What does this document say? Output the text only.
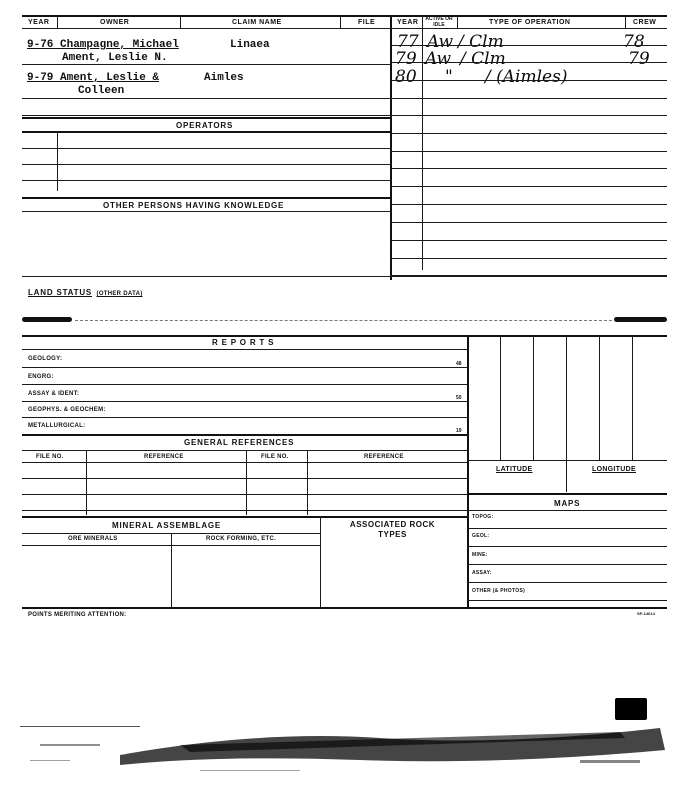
YEAR	OWNER	CLAIM NAME	FILE	YEAR ACTIVE OR IDLE	TYPE OF OPERATION	CREW
9-76 Champagne, Michael	Linaea
Ament, Leslie N.
9-79 Ament, Leslie &	Aimles
Colleen
77 Aw / Clm	78
79 Aw / Clm	79
80 " / (Aimles)
OPERATORS
OTHER PERSONS HAVING KNOWLEDGE
LAND STATUS (OTHER DATA)
R E P O R T S
GEOLOGY:
48
ENGRG:
ASSAY & IDENT:
50
GEOPHYS. & GEOCHEM:
METALLURGICAL:
19
GENERAL REFERENCES
FILE NO.	REFERENCE	FILE NO.	REFERENCE
MINERAL ASSEMBLAGE	ASSOCIATED ROCK TYPES
ORE MINERALS	ROCK FORMING, ETC.
LATITUDE	LONGITUDE
MAPS
TOPOG:
GEOL:
MINE:
ASSAY:
OTHER (& PHOTOS)
POINTS MERITING ATTENTION:	SP-14614
